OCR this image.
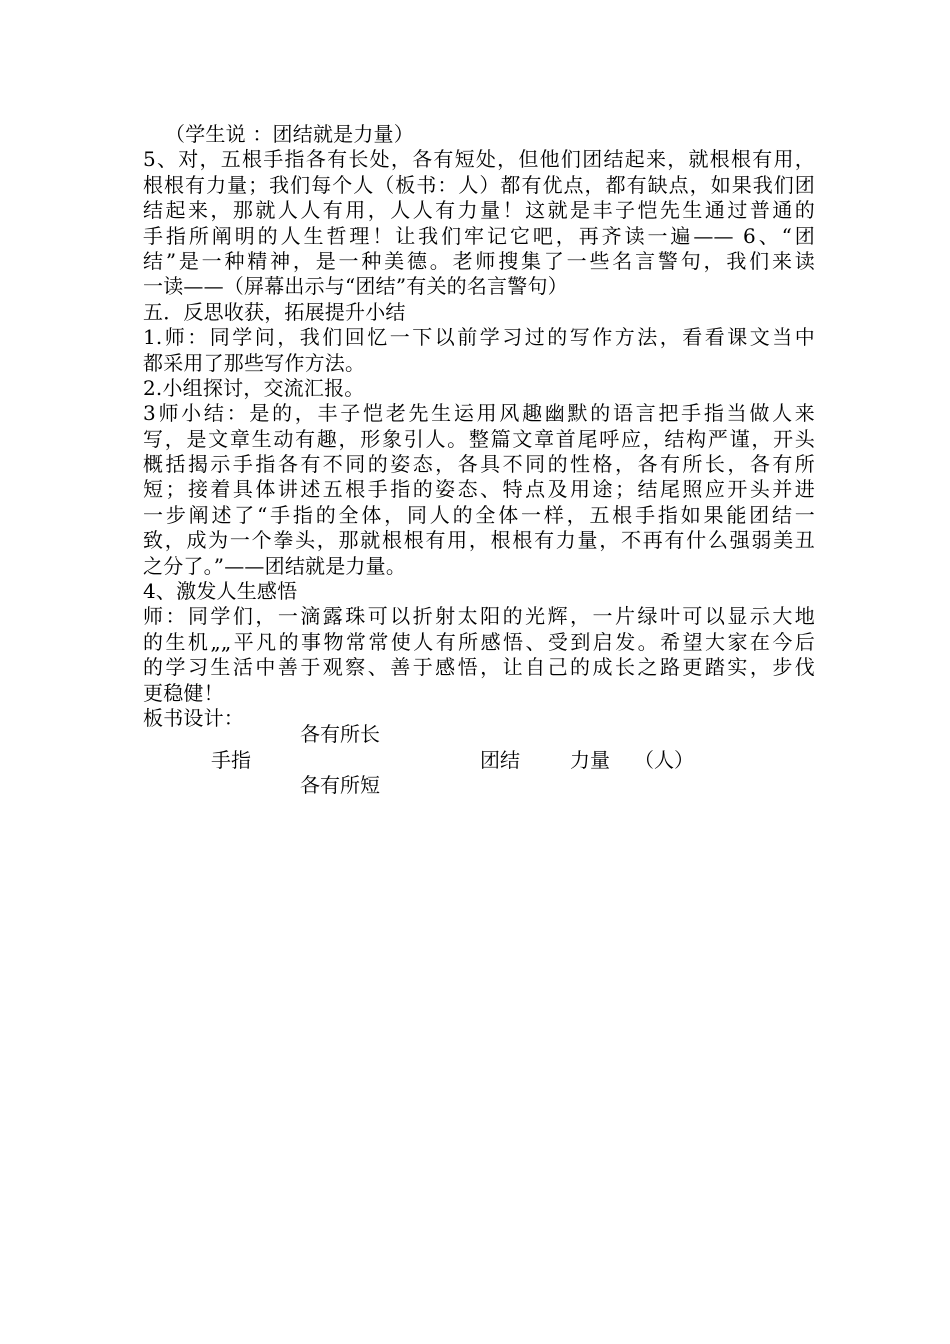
（学生说 ：团结就是力量）
5、对，五根手指各有长处，各有短处，但他们团结起来，就根根有用，
根根有力量；我们每个人（板书：人）都有优点，都有缺点，如果我们团
结起来，那就人人有用，人人有力量！这就是丰子恺先生通过普通的
手指所阐明的人生哲理！让我们牢记它吧，再齐读一遍—— 6、“团
结”是一种精神，是一种美德。老师搜集了一些名言警句，我们来读
一读——（屏幕出示与“团结”有关的名言警句）
五．反思收获，拓展提升小结
1.师：同学问，我们回忆一下以前学习过的写作方法，看看课文当中
都采用了那些写作方法。
2.小组探讨，交流汇报。
3师小结：是的，丰子恺老先生运用风趣幽默的语言把手指当做人来
写，是文章生动有趣，形象引人。整篇文章首尾呼应，结构严谨，开头
概括揭示手指各有不同的姿态，各具不同的性格，各有所长，各有所
短；接着具体讲述五根手指的姿态、特点及用途；结尾照应开头并进
一步阐述了“手指的全体，同人的全体一样，五根手指如果能团结一
致，成为一个拳头，那就根根有用，根根有力量，不再有什么强弱美丑
之分了。”——团结就是力量。
4、激发人生感悟
师：同学们，一滴露珠可以折射太阳的光辉，一片绿叶可以显示大地
的生机„„平凡的事物常常使人有所感悟、受到启发。希望大家在今后
的学习生活中善于观察、善于感悟，让自己的成长之路更踏实，步伐
更稳健！
板书设计：
各有所长
手指
各有所短
团结	力量 （人）
